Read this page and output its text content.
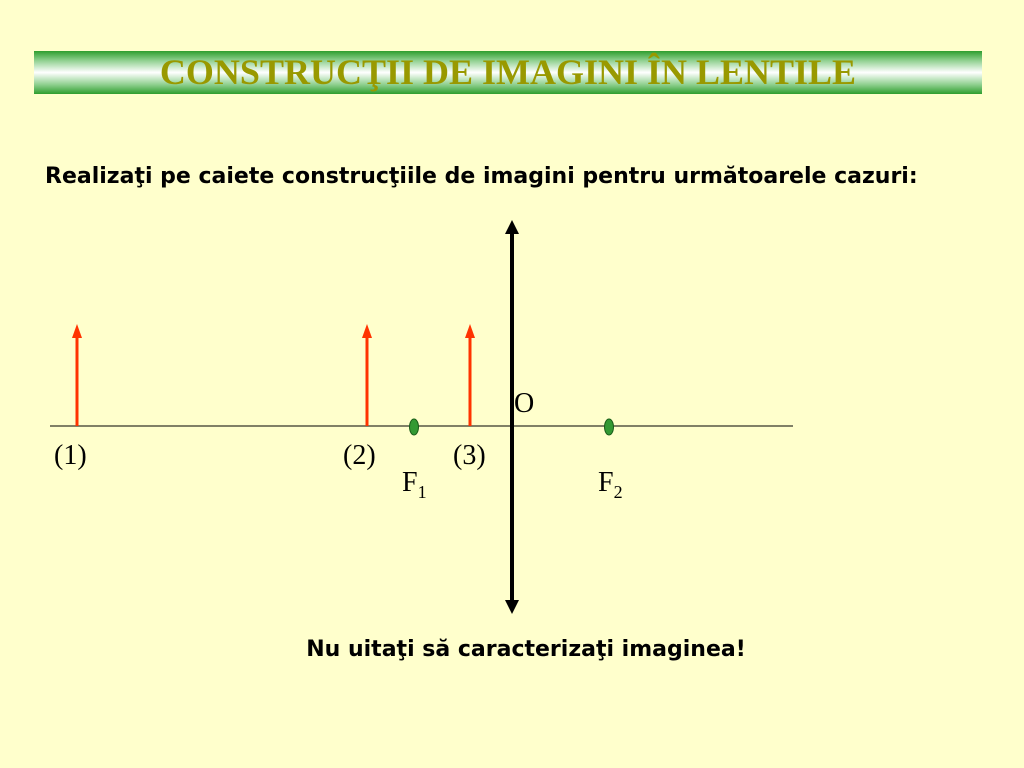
CONSTRUCŢII DE IMAGINI ÎN LENTILE
Realizaţi pe caiete construcţiile de imagini pentru următoarele cazuri:
O
(1)	(2)	(3)
$F_1$	$F_2$
Nu uitaţi să caracterizaţi imaginea!
